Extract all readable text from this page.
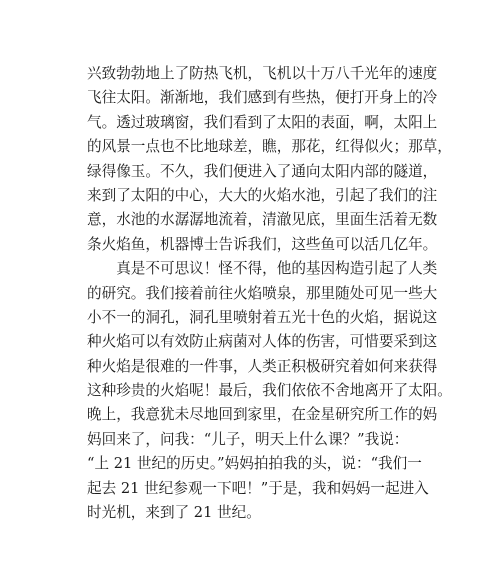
兴致勃勃地上了防热飞机，飞机以十万八千光年的速度
飞往太阳。渐渐地，我们感到有些热，便打开身上的冷
气。透过玻璃窗，我们看到了太阳的表面，啊，太阳上
的风景一点也不比地球差，瞧，那花，红得似火；那草，
绿得像玉。不久，我们便进入了通向太阳内部的隧道，
来到了太阳的中心，大大的火焰水池，引起了我们的注
意，水池的水潺潺地流着，清澈见底，里面生活着无数
条火焰鱼，机器博士告诉我们，这些鱼可以活几亿年。
　　真是不可思议！怪不得，他的基因构造引起了人类
的研究。我们接着前往火焰喷泉，那里随处可见一些大
小不一的洞孔，洞孔里喷射着五光十色的火焰，据说这
种火焰可以有效防止病菌对人体的伤害，可惜要采到这
种火焰是很难的一件事，人类正积极研究着如何来获得
这种珍贵的火焰呢！最后，我们依依不舍地离开了太阳。
晚上，我意犹未尽地回到家里，在金星研究所工作的妈
妈回来了，问我：“儿子，明天上什么课？”我说：
“上 21 世纪的历史。”妈妈拍拍我的头，说：“我们一
起去 21 世纪参观一下吧！”于是，我和妈妈一起进入
时光机，来到了 21 世纪。
